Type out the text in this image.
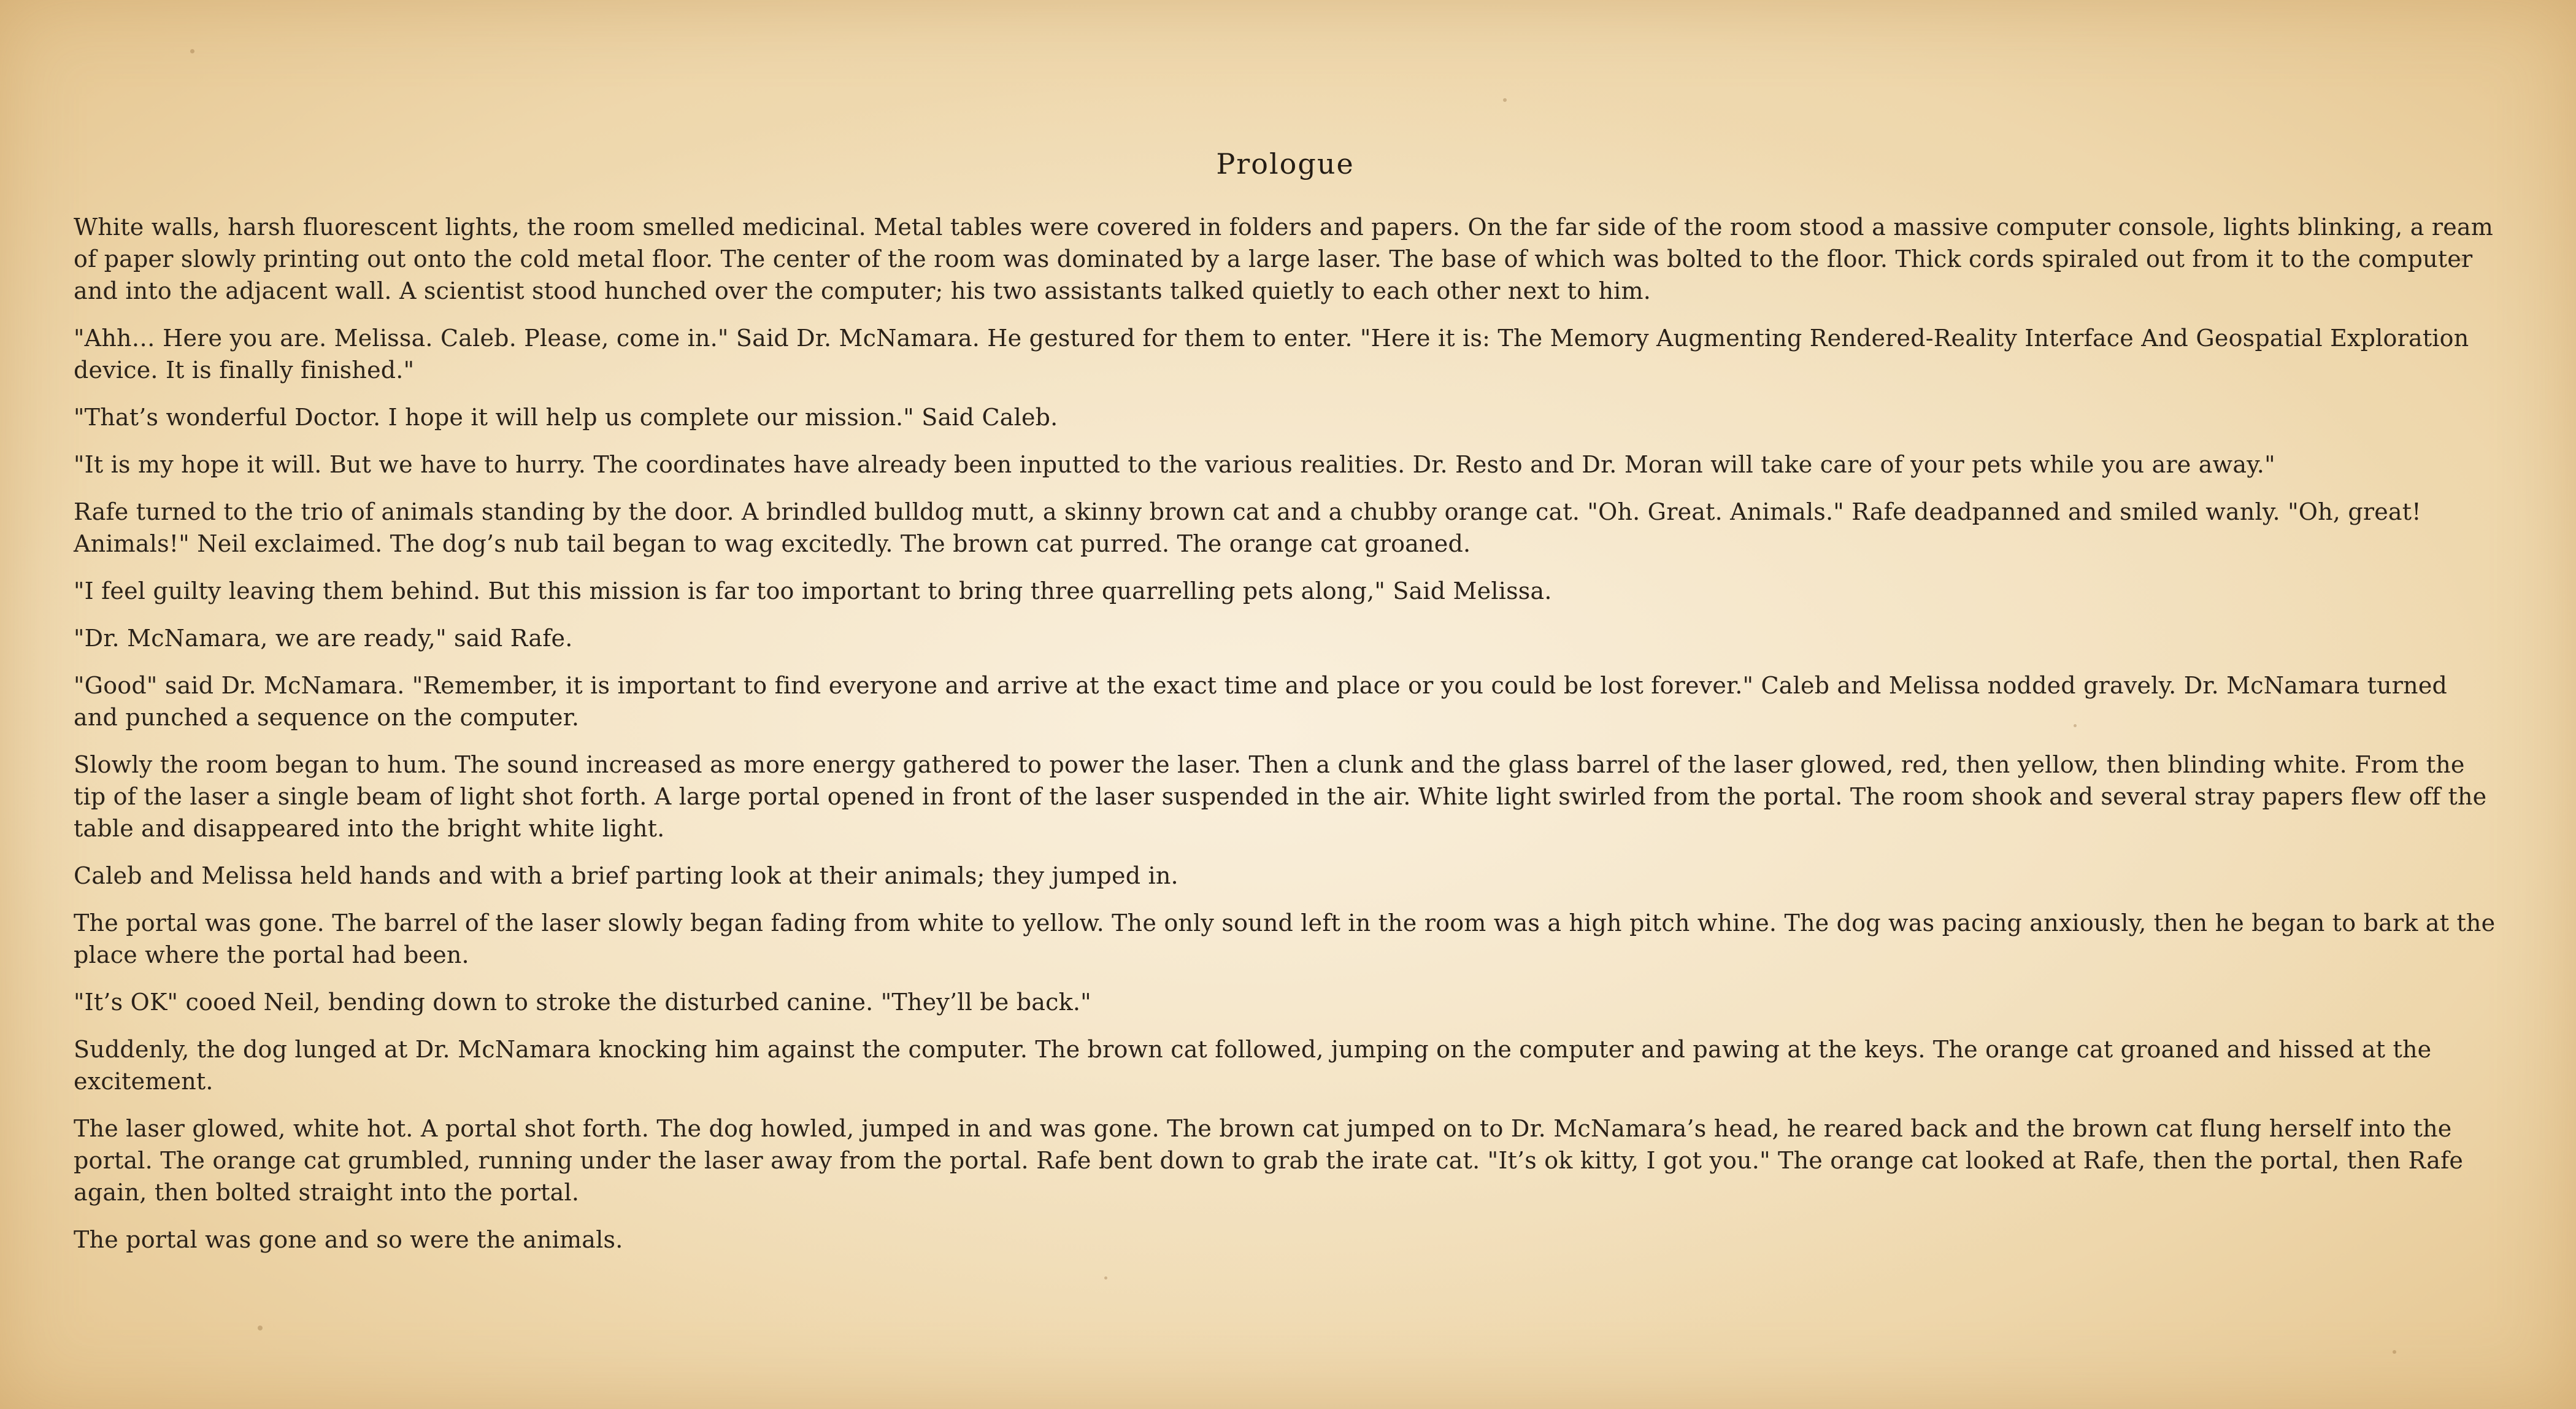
Prologue

White walls, harsh fluorescent lights, the room smelled medicinal. Metal tables were covered in folders and papers. On the far side of the room stood a massive computer console, lights blinking, a ream of paper slowly printing out onto the cold metal floor. The center of the room was dominated by a large laser. The base of which was bolted to the floor. Thick cords spiraled out from it to the computer and into the adjacent wall. A scientist stood hunched over the computer; his two assistants talked quietly to each other next to him.

"Ahh… Here you are. Melissa. Caleb. Please, come in." Said Dr. McNamara. He gestured for them to enter. "Here it is: The Memory Augmenting Rendered-Reality Interface And Geospatial Exploration device. It is finally finished."

"That’s wonderful Doctor. I hope it will help us complete our mission." Said Caleb.

"It is my hope it will. But we have to hurry. The coordinates have already been inputted to the various realities. Dr. Resto and Dr. Moran will take care of your pets while you are away."

Rafe turned to the trio of animals standing by the door. A brindled bulldog mutt, a skinny brown cat and a chubby orange cat. "Oh. Great. Animals." Rafe deadpanned and smiled wanly. "Oh, great! Animals!" Neil exclaimed. The dog’s nub tail began to wag excitedly. The brown cat purred. The orange cat groaned.

"I feel guilty leaving them behind. But this mission is far too important to bring three quarrelling pets along," Said Melissa.

"Dr. McNamara, we are ready," said Rafe.

"Good" said Dr. McNamara. "Remember, it is important to find everyone and arrive at the exact time and place or you could be lost forever." Caleb and Melissa nodded gravely. Dr. McNamara turned and punched a sequence on the computer.

Slowly the room began to hum. The sound increased as more energy gathered to power the laser. Then a clunk and the glass barrel of the laser glowed, red, then yellow, then blinding white. From the tip of the laser a single beam of light shot forth. A large portal opened in front of the laser suspended in the air. White light swirled from the portal. The room shook and several stray papers flew off the table and disappeared into the bright white light.

Caleb and Melissa held hands and with a brief parting look at their animals; they jumped in.

The portal was gone. The barrel of the laser slowly began fading from white to yellow. The only sound left in the room was a high pitch whine. The dog was pacing anxiously, then he began to bark at the place where the portal had been.

"It’s OK" cooed Neil, bending down to stroke the disturbed canine. "They’ll be back."

Suddenly, the dog lunged at Dr. McNamara knocking him against the computer. The brown cat followed, jumping on the computer and pawing at the keys. The orange cat groaned and hissed at the excitement.

The laser glowed, white hot. A portal shot forth. The dog howled, jumped in and was gone. The brown cat jumped on to Dr. McNamara’s head, he reared back and the brown cat flung herself into the portal. The orange cat grumbled, running under the laser away from the portal. Rafe bent down to grab the irate cat. "It’s ok kitty, I got you." The orange cat looked at Rafe, then the portal, then Rafe again, then bolted straight into the portal.

The portal was gone and so were the animals.
